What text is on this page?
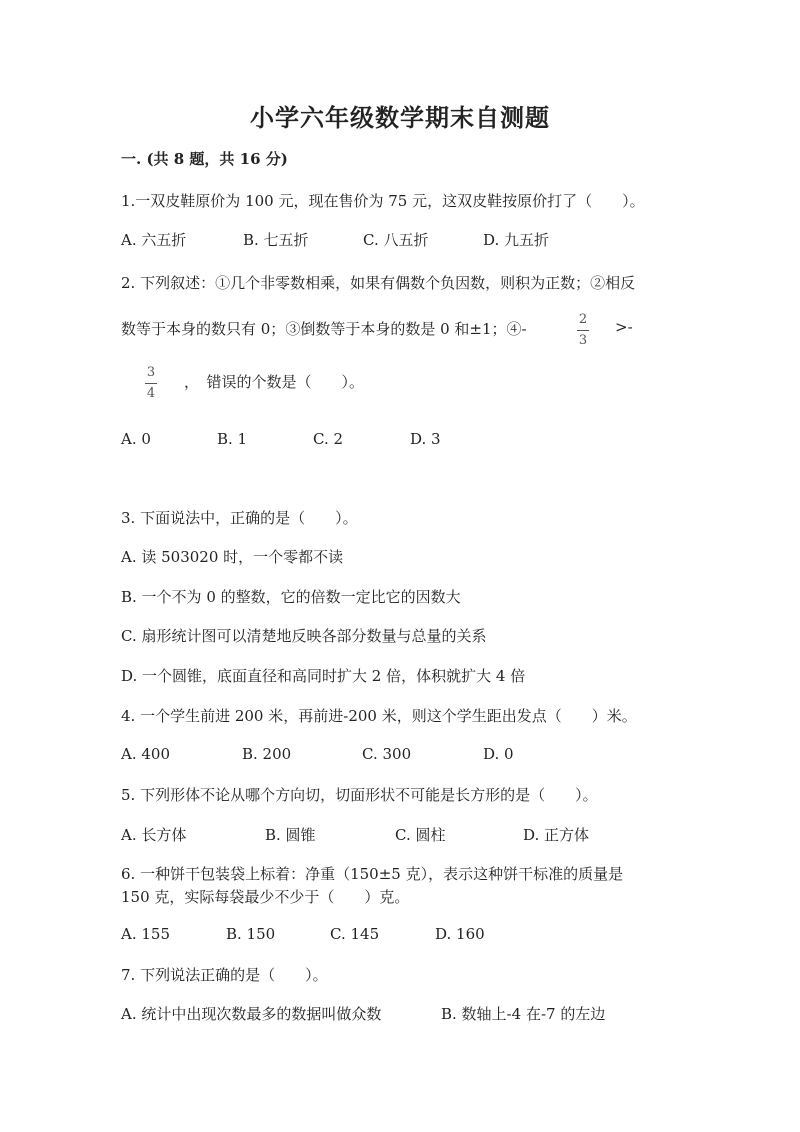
小学六年级数学期末自测题
一. (共 8 题，共 16 分)
1.一双皮鞋原价为 100 元，现在售价为 75 元，这双皮鞋按原价打了（　　）。
A. 六五折	B. 七五折	C. 八五折	D. 九五折
2. 下列叙述：①几个非零数相乘，如果有偶数个负因数，则积为正数；②相反
数等于本身的数只有 0；③倒数等于本身的数是 0 和±1；④-
2
3
>-
3
4
，　错误的个数是（　　）。
A. 0	B. 1	C. 2	D. 3
3. 下面说法中，正确的是（　　）。
A. 读 503020 时，一个零都不读
B. 一个不为 0 的整数，它的倍数一定比它的因数大
C. 扇形统计图可以清楚地反映各部分数量与总量的关系
D. 一个圆锥，底面直径和高同时扩大 2 倍，体积就扩大 4 倍
4. 一个学生前进 200 米，再前进-200 米，则这个学生距出发点（　　）米。
A. 400	B. 200	C. 300	D. 0
5. 下列形体不论从哪个方向切，切面形状不可能是长方形的是（　　）。
A. 长方体	B. 圆锥	C. 圆柱	D. 正方体
6. 一种饼干包装袋上标着：净重（150±5 克），表示这种饼干标准的质量是
150 克，实际每袋最少不少于（　　）克。
A. 155	B. 150	C. 145	D. 160
7. 下列说法正确的是（　　）。
A. 统计中出现次数最多的数据叫做众数	B. 数轴上-4 在-7 的左边
